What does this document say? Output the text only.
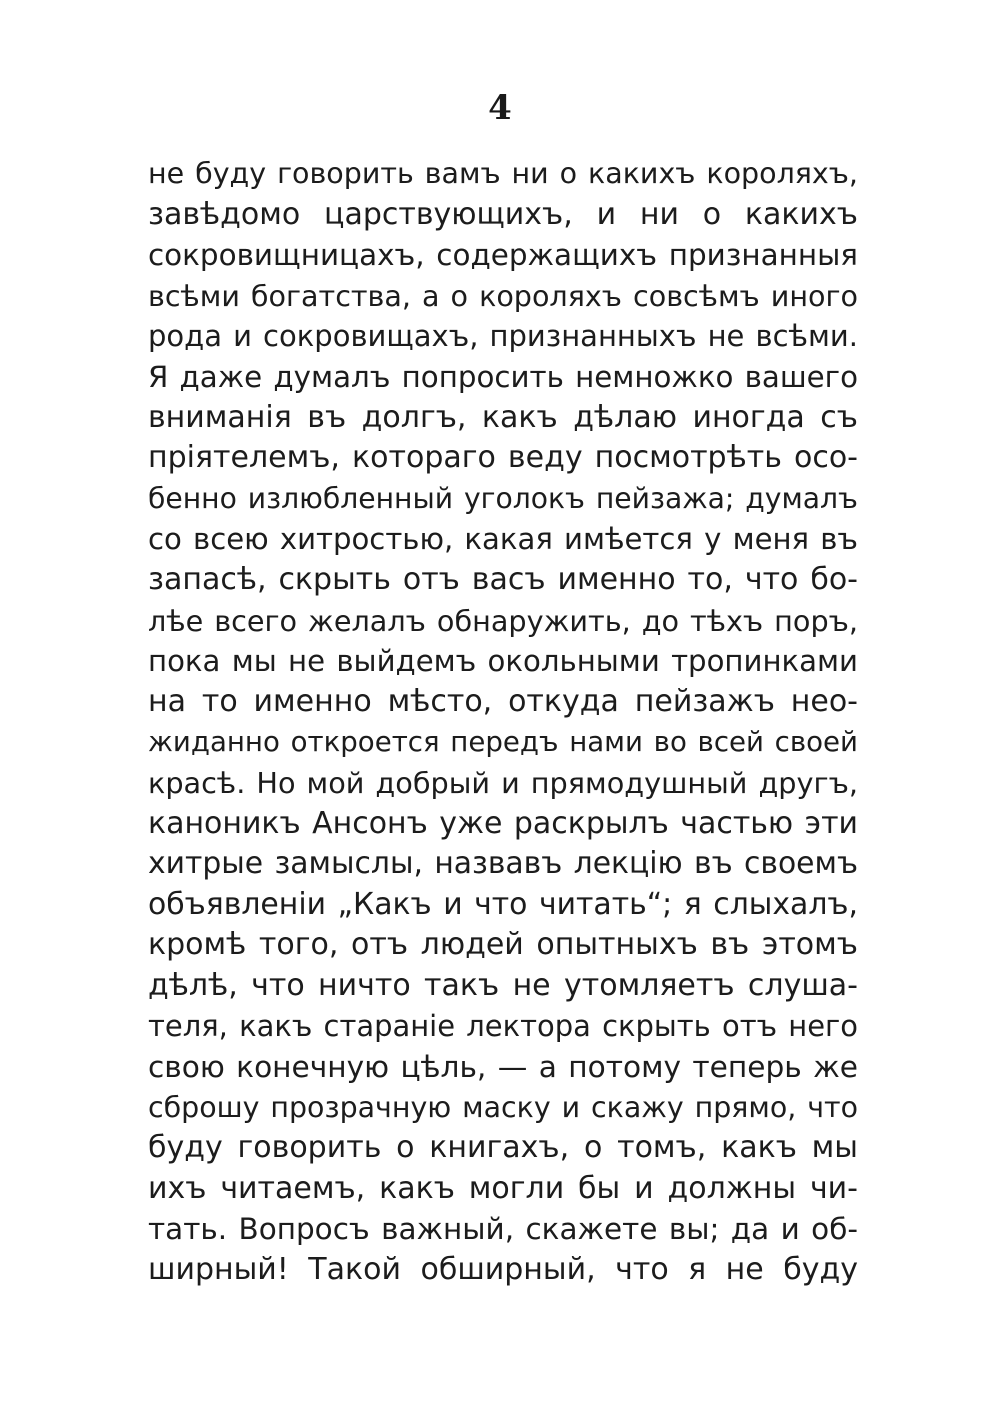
4
не буду говорить вамъ ни о какихъ короляхъ,
завѣдомо царствующихъ, и ни о какихъ
сокровищницахъ, содержащихъ признанныя
всѣми богатства, а о короляхъ совсѣмъ иного
рода и сокровищахъ, признанныхъ не всѣми.
Я даже думалъ попросить немножко вашего
вниманія въ долгъ, какъ дѣлаю иногда съ
пріятелемъ, котораго веду посмотрѣть осо-
бенно излюбленный уголокъ пейзажа; думалъ
со всею хитростью, какая имѣется у меня въ
запасѣ, скрыть отъ васъ именно то, что бо-
лѣе всего желалъ обнаружить, до тѣхъ поръ,
пока мы не выйдемъ окольными тропинками
на то именно мѣсто, откуда пейзажъ нео-
жиданно откроется передъ нами во всей своей
красѣ. Но мой добрый и прямодушный другъ,
каноникъ Ансонъ уже раскрылъ частью эти
хитрые замыслы, назвавъ лекцію въ своемъ
объявленіи „Какъ и что читать“; я слыхалъ,
кромѣ того, отъ людей опытныхъ въ этомъ
дѣлѣ, что ничто такъ не утомляетъ слуша-
теля, какъ стараніе лектора скрыть отъ него
свою конечную цѣль, — а потому теперь же
сброшу прозрачную маску и скажу прямо, что
буду говорить о книгахъ, о томъ, какъ мы
ихъ читаемъ, какъ могли бы и должны чи-
тать. Вопросъ важный, скажете вы; да и об-
ширный! Такой обширный, что я не буду
